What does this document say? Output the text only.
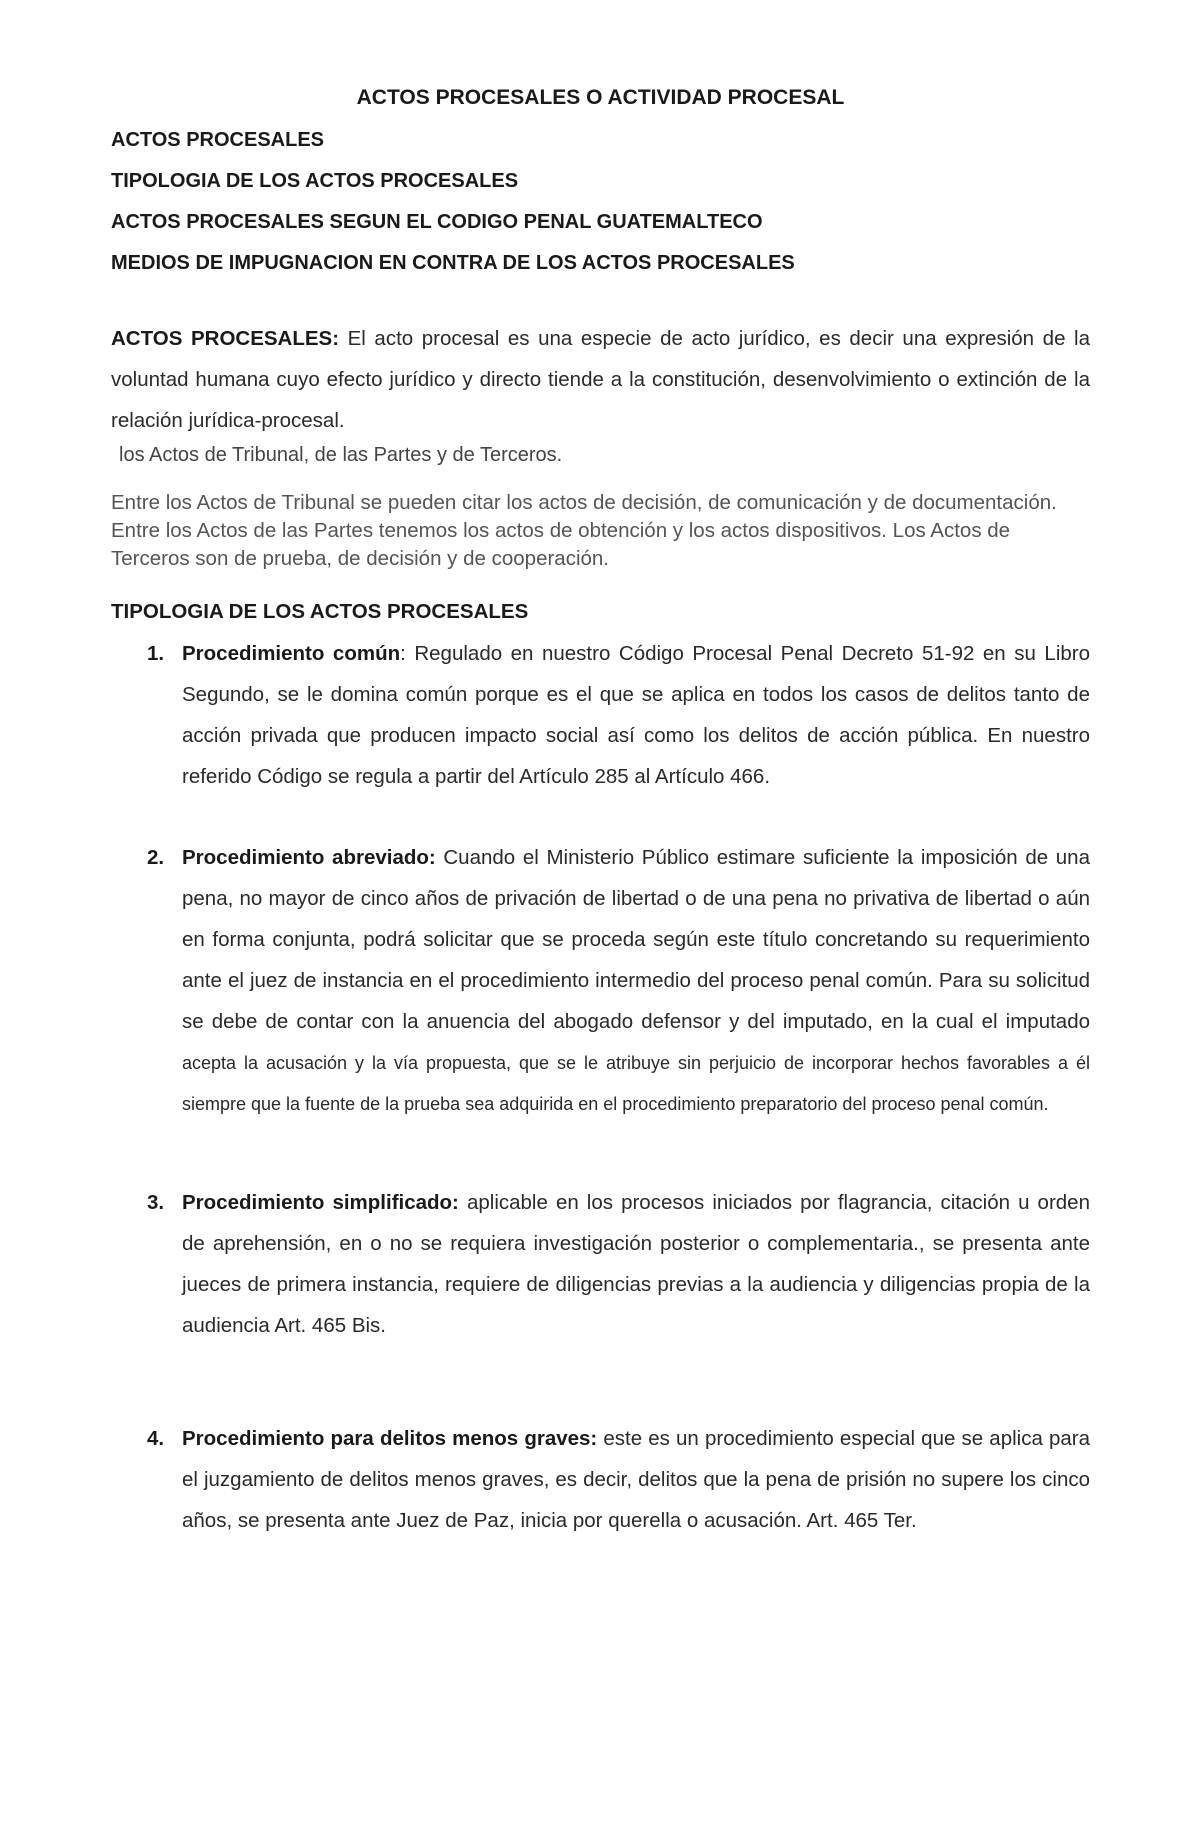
ACTOS PROCESALES O ACTIVIDAD PROCESAL
ACTOS PROCESALES
TIPOLOGIA DE LOS ACTOS PROCESALES
ACTOS PROCESALES SEGUN EL CODIGO PENAL GUATEMALTECO
MEDIOS DE IMPUGNACION EN CONTRA DE LOS ACTOS PROCESALES

ACTOS PROCESALES: El acto procesal es una especie de acto jurídico, es decir una expresión de la voluntad humana cuyo efecto jurídico y directo tiende a la constitución, desenvolvimiento o extinción de la relación jurídica-procesal.

los Actos de Tribunal, de las Partes y de Terceros.

Entre los Actos de Tribunal se pueden citar los actos de decisión, de comunicación y de documentación. Entre los Actos de las Partes tenemos los actos de obtención y los actos dispositivos. Los Actos de Terceros son de prueba, de decisión y de cooperación.

TIPOLOGIA DE LOS ACTOS PROCESALES
1. Procedimiento común: Regulado en nuestro Código Procesal Penal Decreto 51-92 en su Libro Segundo, se le domina común porque es el que se aplica en todos los casos de delitos tanto de acción privada que producen impacto social así como los delitos de acción pública. En nuestro referido Código se regula a partir del Artículo 285 al Artículo 466.
2. Procedimiento abreviado: Cuando el Ministerio Público estimare suficiente la imposición de una pena, no mayor de cinco años de privación de libertad o de una pena no privativa de libertad o aún en forma conjunta, podrá solicitar que se proceda según este título concretando su requerimiento ante el juez de instancia en el procedimiento intermedio del proceso penal común. Para su solicitud se debe de contar con la anuencia del abogado defensor y del imputado, en la cual el imputado acepta la acusación y la vía propuesta, que se le atribuye sin perjuicio de incorporar hechos favorables a él siempre que la fuente de la prueba sea adquirida en el procedimiento preparatorio del proceso penal común.
3. Procedimiento simplificado: aplicable en los procesos iniciados por flagrancia, citación u orden de aprehensión, en o no se requiera investigación posterior o complementaria., se presenta ante jueces de primera instancia, requiere de diligencias previas a la audiencia y diligencias propia de la audiencia Art. 465 Bis.
4. Procedimiento para delitos menos graves: este es un procedimiento especial que se aplica para el juzgamiento de delitos menos graves, es decir, delitos que la pena de prisión no supere los cinco años, se presenta ante Juez de Paz, inicia por querella o acusación. Art. 465 Ter.
